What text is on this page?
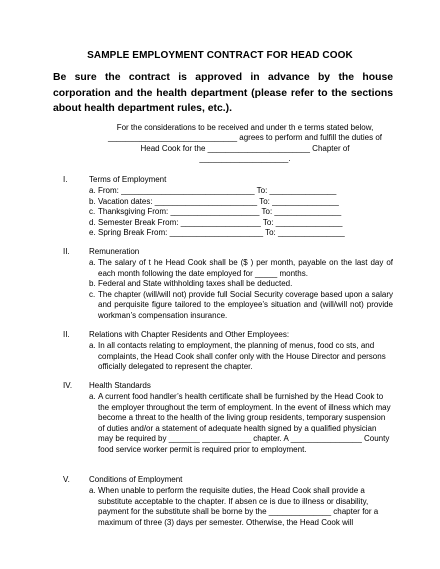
SAMPLE EMPLOYMENT CONTRACT FOR HEAD COOK
Be sure the contract is approved in advance by the house corporation and the health department (please refer to the sections about health department rules, etc.).
For the considerations to be received and under th e terms stated below,
_____________________________ agrees to perform and fulfill the duties of
Head Cook for the _______________________ Chapter of
____________________.
I.	Terms of Employment
a. From: ______________________________ To: _______________
b. Vacation dates: _______________________ To: _______________
c. Thanksgiving From: ____________________ To: _______________
d. Semester Break From: __________________ To: _______________
e. Spring Break From: _____________________ To: _______________
II. Remuneration
a. The salary of t he Head Cook shall be ($ ) per month, payable on the last day of each month following the date employed for _____ months.
b. Federal and State withholding taxes shall be deducted.
c. The chapter (will/will not) provide full Social Security coverage based upon a salary and perquisite figure tailored to the employee’s situation and (will/will not) provide workman’s compensation insurance.
II. Relations with Chapter Residents and Other Employees:
a. In all contacts relating to employment, the planning of menus, food co sts, and complaints, the Head Cook shall confer only with the House Director and persons officially delegated to represent the chapter.
IV. Health Standards
a. A current food handler’s health certificate shall be furnished by the Head Cook to the employer throughout the term of employment. In the event of illness which may become a threat to the health of the living group residents, temporary suspension of duties and/or a statement of adequate health signed by a qualified physician may be required by _______ ___________ chapter. A ________________ County food service worker permit is required prior to employment.
V. Conditions of Employment
a. When unable to perform the requisite duties, the Head Cook shall provide a substitute acceptable to the chapter. If absen ce is due to illness or disability, payment for the substitute shall be borne by the ______________ chapter for a maximum of three (3) days per semester. Otherwise, the Head Cook will
